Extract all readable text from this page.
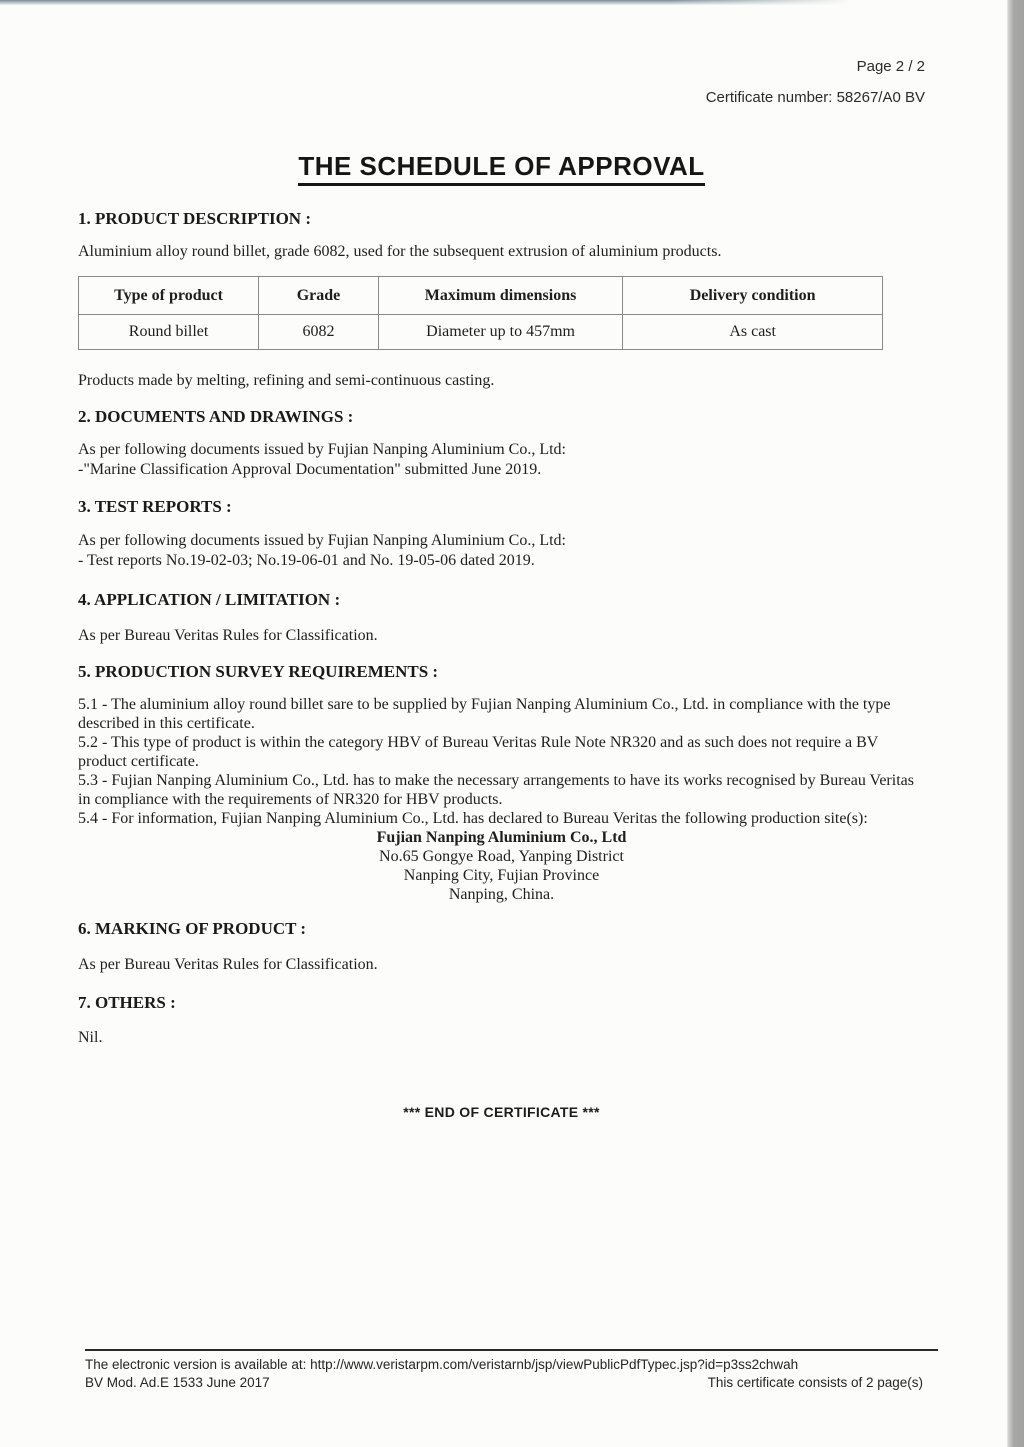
Page 2 / 2
Certificate number: 58267/A0 BV
THE SCHEDULE OF APPROVAL
1. PRODUCT DESCRIPTION :

Aluminium alloy round billet, grade 6082, used for the subsequent extrusion of aluminium products.

Type of product	Grade	Maximum dimensions	Delivery condition
Round billet	6082	Diameter up to 457mm	As cast

Products made by melting, refining and semi-continuous casting.

2. DOCUMENTS AND DRAWINGS :
As per following documents issued by Fujian Nanping Aluminium Co., Ltd:
-"Marine Classification Approval Documentation" submitted June 2019.
3. TEST REPORTS :
As per following documents issued by Fujian Nanping Aluminium Co., Ltd:
- Test reports No.19-02-03; No.19-06-01 and No. 19-05-06 dated 2019.
4. APPLICATION / LIMITATION :

As per Bureau Veritas Rules for Classification.

5. PRODUCTION SURVEY REQUIREMENTS :
5.1 - The aluminium alloy round billet sare to be supplied by Fujian Nanping Aluminium Co., Ltd. in compliance with the type described in this certificate.
5.2 - This type of product is within the category HBV of Bureau Veritas Rule Note NR320 and as such does not require a BV product certificate.
5.3 - Fujian Nanping Aluminium Co., Ltd. has to make the necessary arrangements to have its works recognised by Bureau Veritas in compliance with the requirements of NR320 for HBV products.
5.4 - For information, Fujian Nanping Aluminium Co., Ltd. has declared to Bureau Veritas the following production site(s):
Fujian Nanping Aluminium Co., Ltd
No.65 Gongye Road, Yanping District
Nanping City, Fujian Province
Nanping, China.
6. MARKING OF PRODUCT :

As per Bureau Veritas Rules for Classification.

7. OTHERS :

Nil.

*** END OF CERTIFICATE ***
The electronic version is available at: http://www.veristarpm.com/veristarnb/jsp/viewPublicPdfTypec.jsp?id=p3ss2chwah
BV Mod. Ad.E 1533 June 2017	This certificate consists of 2 page(s)
